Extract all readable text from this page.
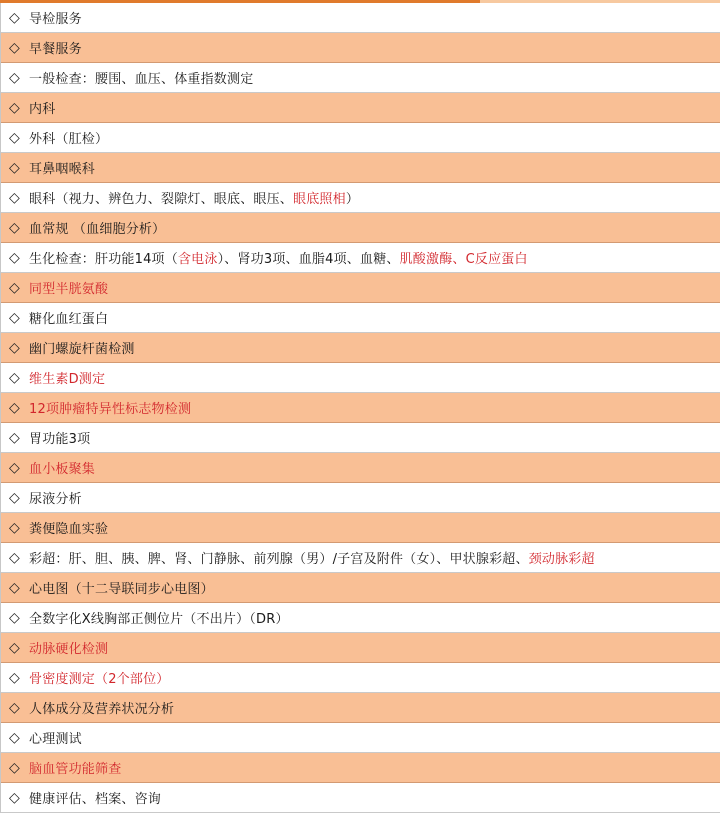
◇ 导检服务
◇ 早餐服务
◇ 一般检查：腰围、血压、体重指数测定
◇ 内科
◇ 外科（肛检）
◇ 耳鼻咽喉科
◇ 眼科（视力、辨色力、裂隙灯、眼底、眼压、眼底照相）
◇ 血常规 （血细胞分析）
◇ 生化检查：肝功能14项（含电泳）、肾功3项、血脂4项、血糖、肌酸激酶、C反应蛋白
◇ 同型半胱氨酸
◇ 糖化血红蛋白
◇ 幽门螺旋杆菌检测
◇ 维生素D测定
◇ 12项肿瘤特异性标志物检测
◇ 胃功能3项
◇ 血小板聚集
◇ 尿液分析
◇ 粪便隐血实验
◇ 彩超：肝、胆、胰、脾、肾、门静脉、前列腺（男）/子宫及附件（女）、甲状腺彩超、颈动脉彩超
◇ 心电图（十二导联同步心电图）
◇ 全数字化X线胸部正侧位片（不出片）（DR）
◇ 动脉硬化检测
◇ 骨密度测定（2个部位）
◇ 人体成分及营养状况分析
◇ 心理测试
◇ 脑血管功能筛查
◇ 健康评估、档案、咨询
